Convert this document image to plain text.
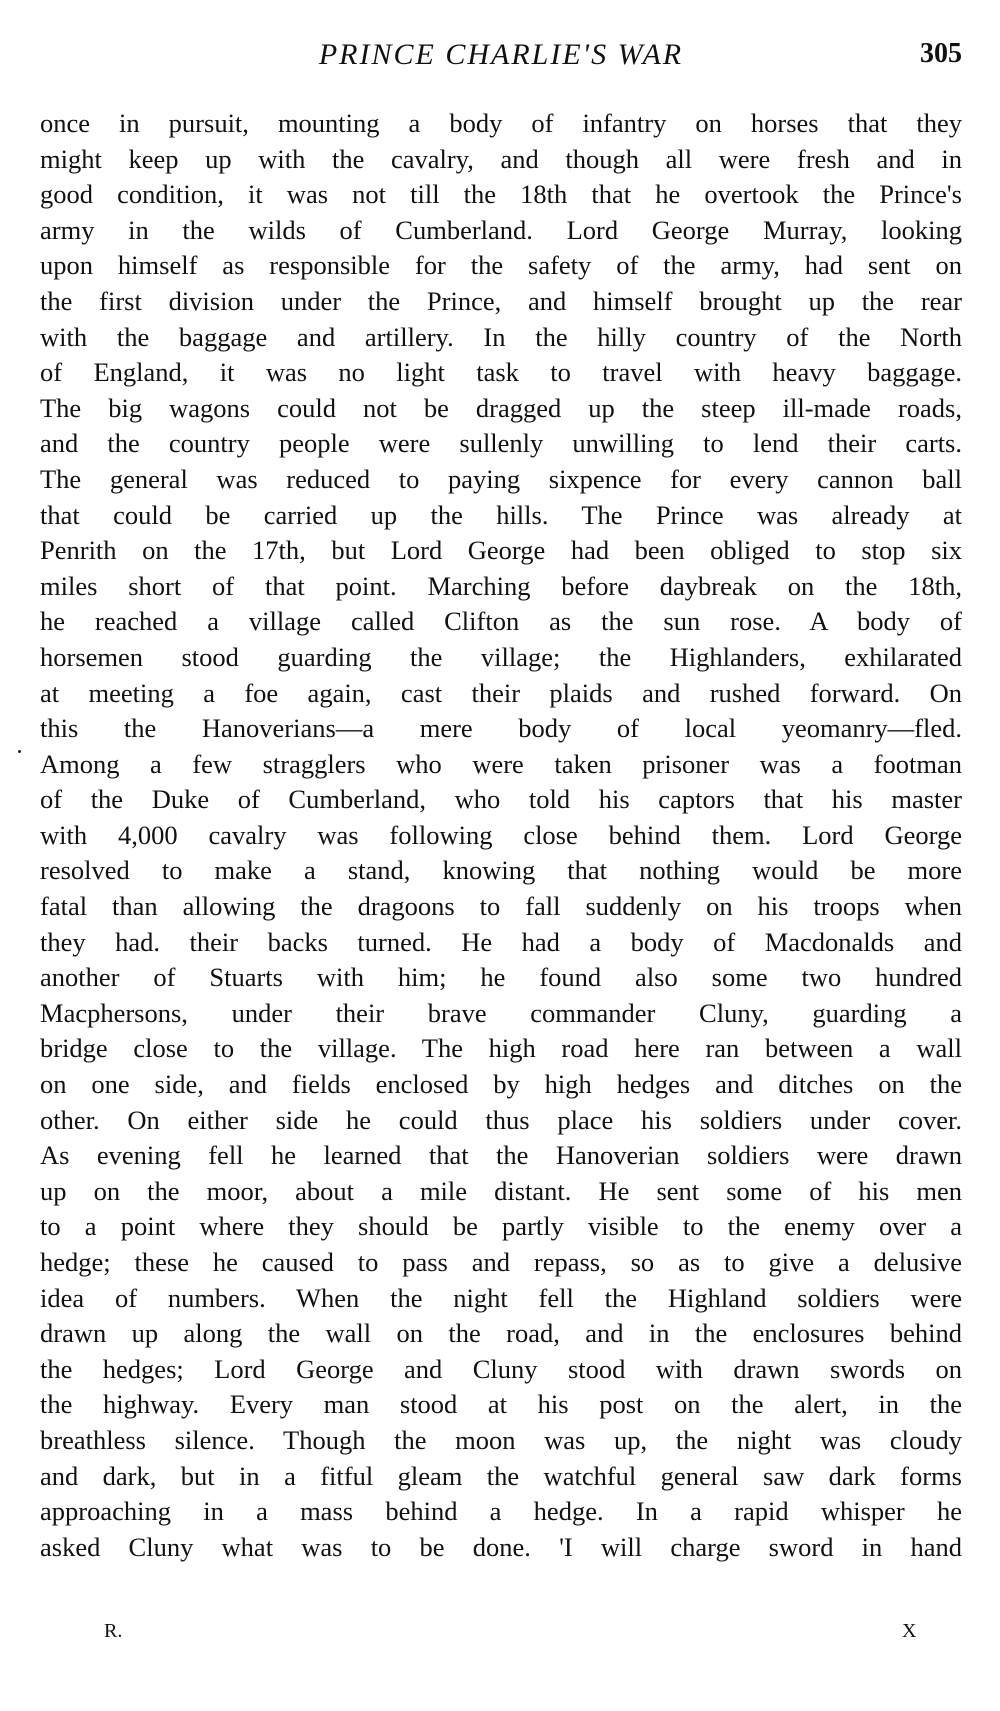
PRINCE CHARLIE'S WAR	305
once in pursuit, mounting a body of infantry on horses that they
might keep up with the cavalry, and though all were fresh and in
good condition, it was not till the 18th that he overtook the Prince's
army in the wilds of Cumberland. Lord George Murray, looking
upon himself as responsible for the safety of the army, had sent on
the first division under the Prince, and himself brought up the rear
with the baggage and artillery. In the hilly country of the North
of England, it was no light task to travel with heavy baggage.
The big wagons could not be dragged up the steep ill-made roads,
and the country people were sullenly unwilling to lend their carts.
The general was reduced to paying sixpence for every cannon ball
that could be carried up the hills. The Prince was already at
Penrith on the 17th, but Lord George had been obliged to stop six
miles short of that point. Marching before daybreak on the 18th,
he reached a village called Clifton as the sun rose. A body of
horsemen stood guarding the village; the Highlanders, exhilarated
at meeting a foe again, cast their plaids and rushed forward. On
this the Hanoverians—a mere body of local yeomanry—fled.
Among a few stragglers who were taken prisoner was a footman
of the Duke of Cumberland, who told his captors that his master
with 4,000 cavalry was following close behind them. Lord George
resolved to make a stand, knowing that nothing would be more
fatal than allowing the dragoons to fall suddenly on his troops when
they had. their backs turned. He had a body of Macdonalds and
another of Stuarts with him; he found also some two hundred
Macphersons, under their brave commander Cluny, guarding a
bridge close to the village. The high road here ran between a wall
on one side, and fields enclosed by high hedges and ditches on the
other. On either side he could thus place his soldiers under cover.
As evening fell he learned that the Hanoverian soldiers were drawn
up on the moor, about a mile distant. He sent some of his men
to a point where they should be partly visible to the enemy over a
hedge; these he caused to pass and repass, so as to give a delusive
idea of numbers. When the night fell the Highland soldiers were
drawn up along the wall on the road, and in the enclosures behind
the hedges; Lord George and Cluny stood with drawn swords on
the highway. Every man stood at his post on the alert, in the
breathless silence. Though the moon was up, the night was cloudy
and dark, but in a fitful gleam the watchful general saw dark forms
approaching in a mass behind a hedge. In a rapid whisper he
asked Cluny what was to be done. 'I will charge sword in hand
R.	X
